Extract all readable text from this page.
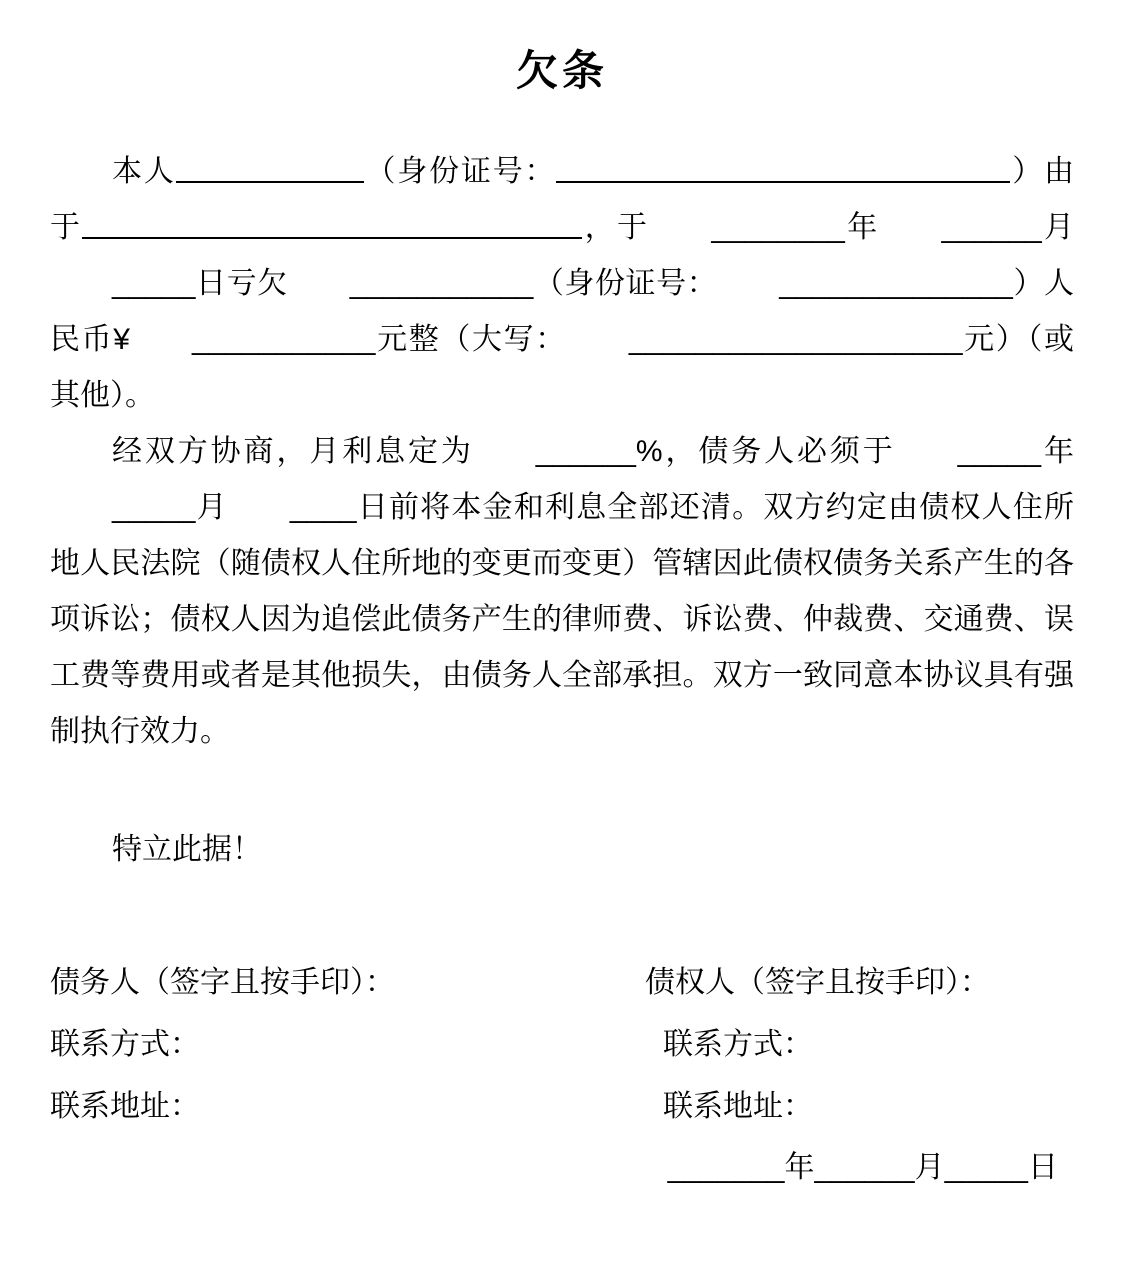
欠条

本人	（身份证号：	）由于	，于 ________年 ______月_____日亏欠 ___________（身份证号： ______________）人民币¥ ___________元整（大写： ____________________元）（或其他）。

经双方协商，月利息定为 ______%，债务人必须于 _____年_____月 ____日前将本金和利息全部还清。双方约定由债权人住所地人民法院（随债权人住所地的变更而变更）管辖因此债权债务关系产生的各项诉讼；债权人因为追偿此债务产生的律师费、诉讼费、仲裁费、交通费、误工费等费用或者是其他损失，由债务人全部承担。双方一致同意本协议具有强制执行效力。

特立此据！

债务人（签字且按手印）：	债权人（签字且按手印）：
联系方式：	联系方式：
联系地址：	联系地址：
_______年______月_____日
